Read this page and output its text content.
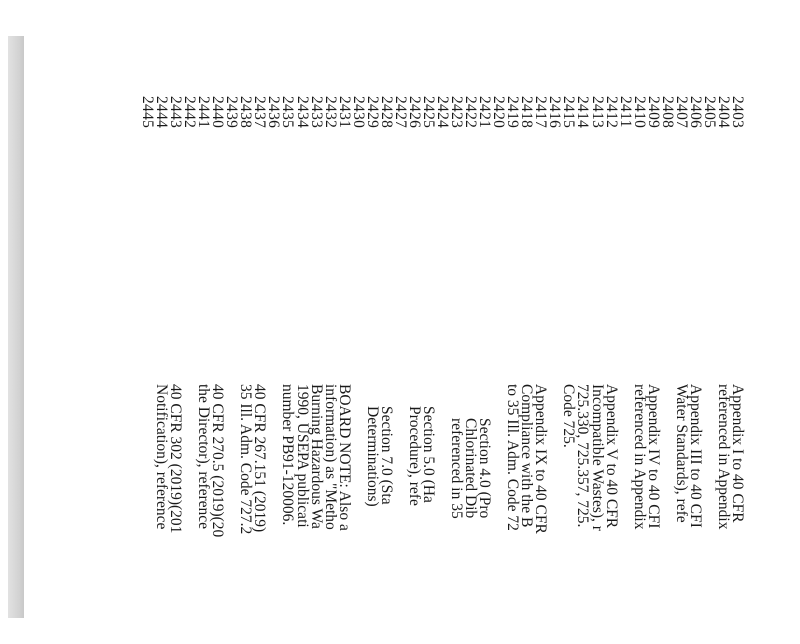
2403
2404
2405
2406
2407
2408
2409
2410
2411
2412
2413
2414
2415
2416
2417
2418
2419
2420
2421
2422
2423
2424
2425
2426
2427
2428
2429
2430
2431
2432
2433
2434
2435
2436
2437
2438
2439
2440
2441
2442
2443
2444
2445
Appendix I to 40 CFR
referenced in Appendix
Appendix III to 40 CFI
Water Standards), refe
Appendix IV to 40 CFI
referenced in Appendix
Appendix V to 40 CFR
Incompatible Wastes), r
725.330, 725.357, 725.
Code 725.
Appendix IX to 40 CFR
Compliance with the B
to 35 Ill. Adm. Code 72
Section 4.0 (Pro
Chlorinated Dib
referenced in 35
Section 5.0 (Ha
Procedure), refe
Section 7.0 (Sta
Determinations)
BOARD NOTE: Also a
information) as "Metho
Burning Hazardous Wa
1990, USEPA publicati
number PB91-120006.
40 CFR 267.151 (2019)
35 Ill. Adm. Code 727.2
40 CFR 270.5 (2019)(20
the Director), reference
40 CFR 302 (2019)(201
Notification), reference
